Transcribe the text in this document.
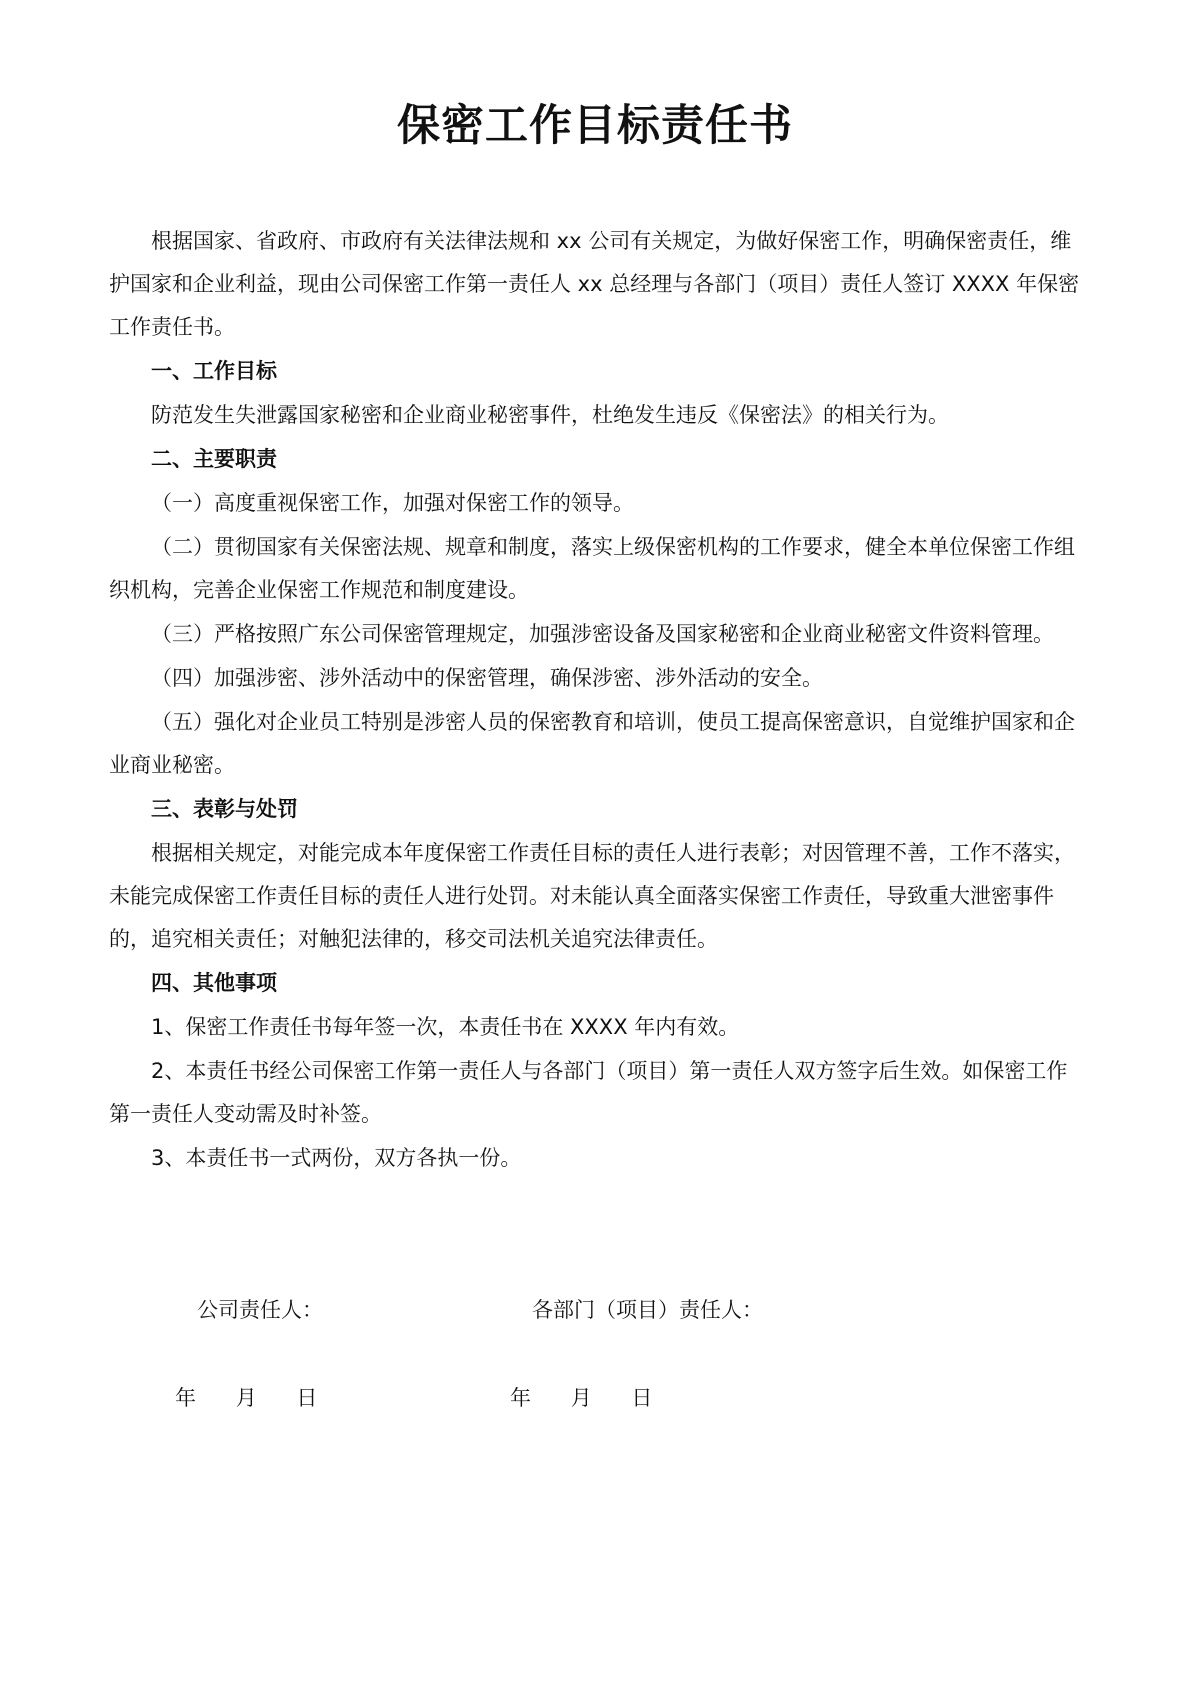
保密工作目标责任书

根据国家、省政府、市政府有关法律法规和 xx 公司有关规定，为做好保密工作，明确保密责任，维护国家和企业利益，现由公司保密工作第一责任人 xx 总经理与各部门（项目）责任人签订 XXXX 年保密工作责任书。

一、工作目标

防范发生失泄露国家秘密和企业商业秘密事件，杜绝发生违反《保密法》的相关行为。

二、主要职责

（一）高度重视保密工作，加强对保密工作的领导。

（二）贯彻国家有关保密法规、规章和制度，落实上级保密机构的工作要求，健全本单位保密工作组织机构，完善企业保密工作规范和制度建设。

（三）严格按照广东公司保密管理规定，加强涉密设备及国家秘密和企业商业秘密文件资料管理。

（四）加强涉密、涉外活动中的保密管理，确保涉密、涉外活动的安全。

（五）强化对企业员工特别是涉密人员的保密教育和培训，使员工提高保密意识，自觉维护国家和企业商业秘密。

三、表彰与处罚

根据相关规定，对能完成本年度保密工作责任目标的责任人进行表彰；对因管理不善，工作不落实，未能完成保密工作责任目标的责任人进行处罚。对未能认真全面落实保密工作责任，导致重大泄密事件的，追究相关责任；对触犯法律的，移交司法机关追究法律责任。

四、其他事项

1、保密工作责任书每年签一次，本责任书在 XXXX 年内有效。

2、本责任书经公司保密工作第一责任人与各部门（项目）第一责任人双方签字后生效。如保密工作第一责任人变动需及时补签。

3、本责任书一式两份，双方各执一份。

公司责任人：	各部门（项目）责任人：
年 月 日	年 月 日
